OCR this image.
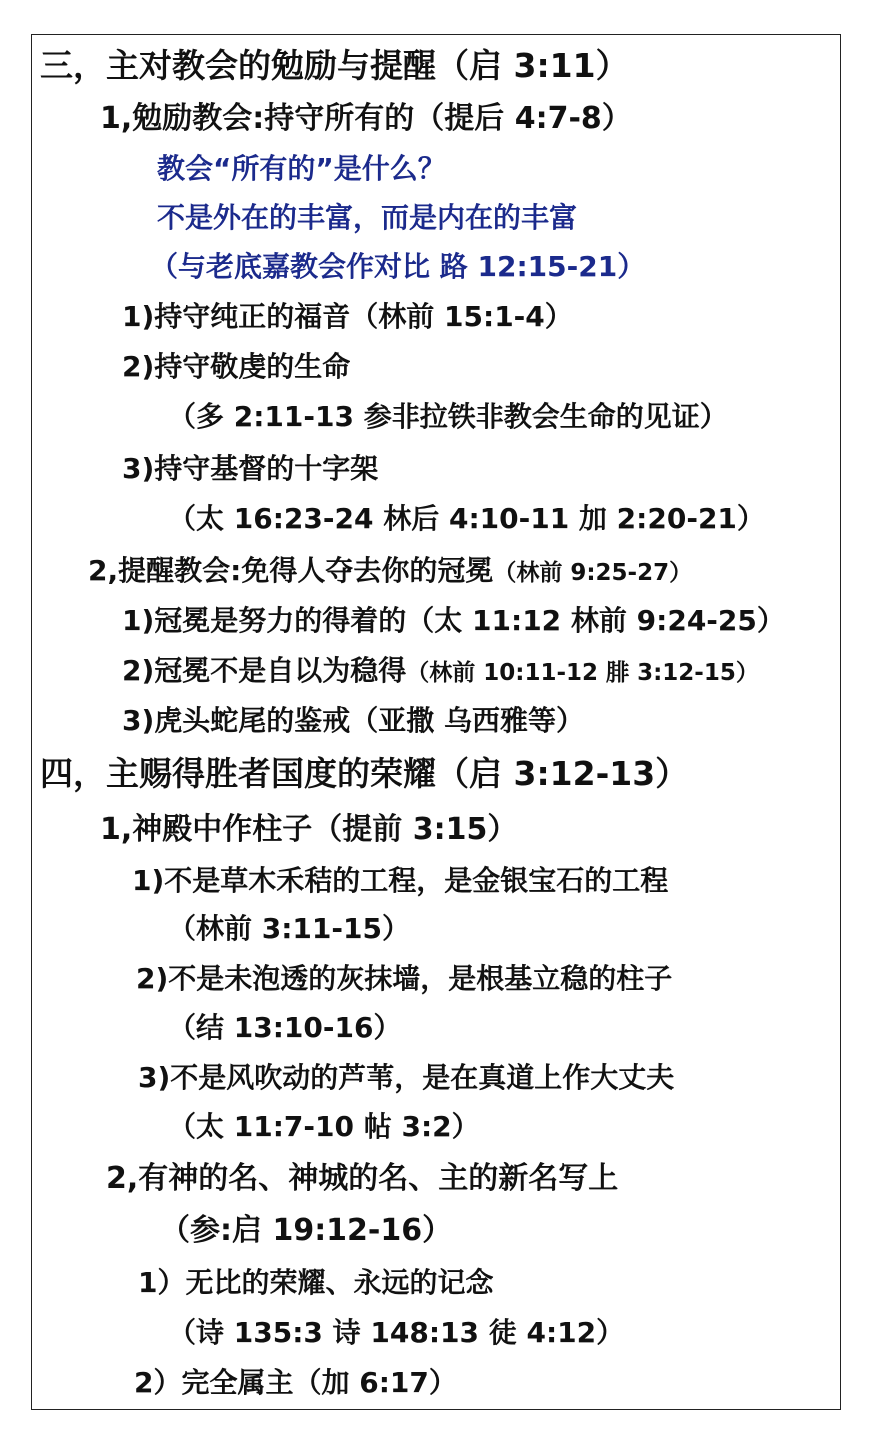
三，主对教会的勉励与提醒（启 3:11）
1,勉励教会:持守所有的（提后 4:7-8）
教会“所有的”是什么？
不是外在的丰富，而是内在的丰富
（与老底嘉教会作对比 路 12:15-21）
1)持守纯正的福音（林前 15:1-4）
2)持守敬虔的生命
（多 2:11-13 参非拉铁非教会生命的见证）
3)持守基督的十字架
（太 16:23-24 林后 4:10-11 加 2:20-21）
2,提醒教会:免得人夺去你的冠冕（林前 9:25-27）
1)冠冕是努力的得着的（太 11:12 林前 9:24-25）
2)冠冕不是自以为稳得（林前 10:11-12 腓 3:12-15）
3)虎头蛇尾的鉴戒（亚撒 乌西雅等）
四，主赐得胜者国度的荣耀（启 3:12-13）
1,神殿中作柱子（提前 3:15）
1)不是草木禾秸的工程，是金银宝石的工程
（林前 3:11-15）
2)不是未泡透的灰抹墙，是根基立稳的柱子
（结 13:10-16）
3)不是风吹动的芦苇，是在真道上作大丈夫
（太 11:7-10 帖 3:2）
2,有神的名、神城的名、主的新名写上
（参:启 19:12-16）
1）无比的荣耀、永远的记念
（诗 135:3 诗 148:13 徒 4:12）
2）完全属主（加 6:17）
